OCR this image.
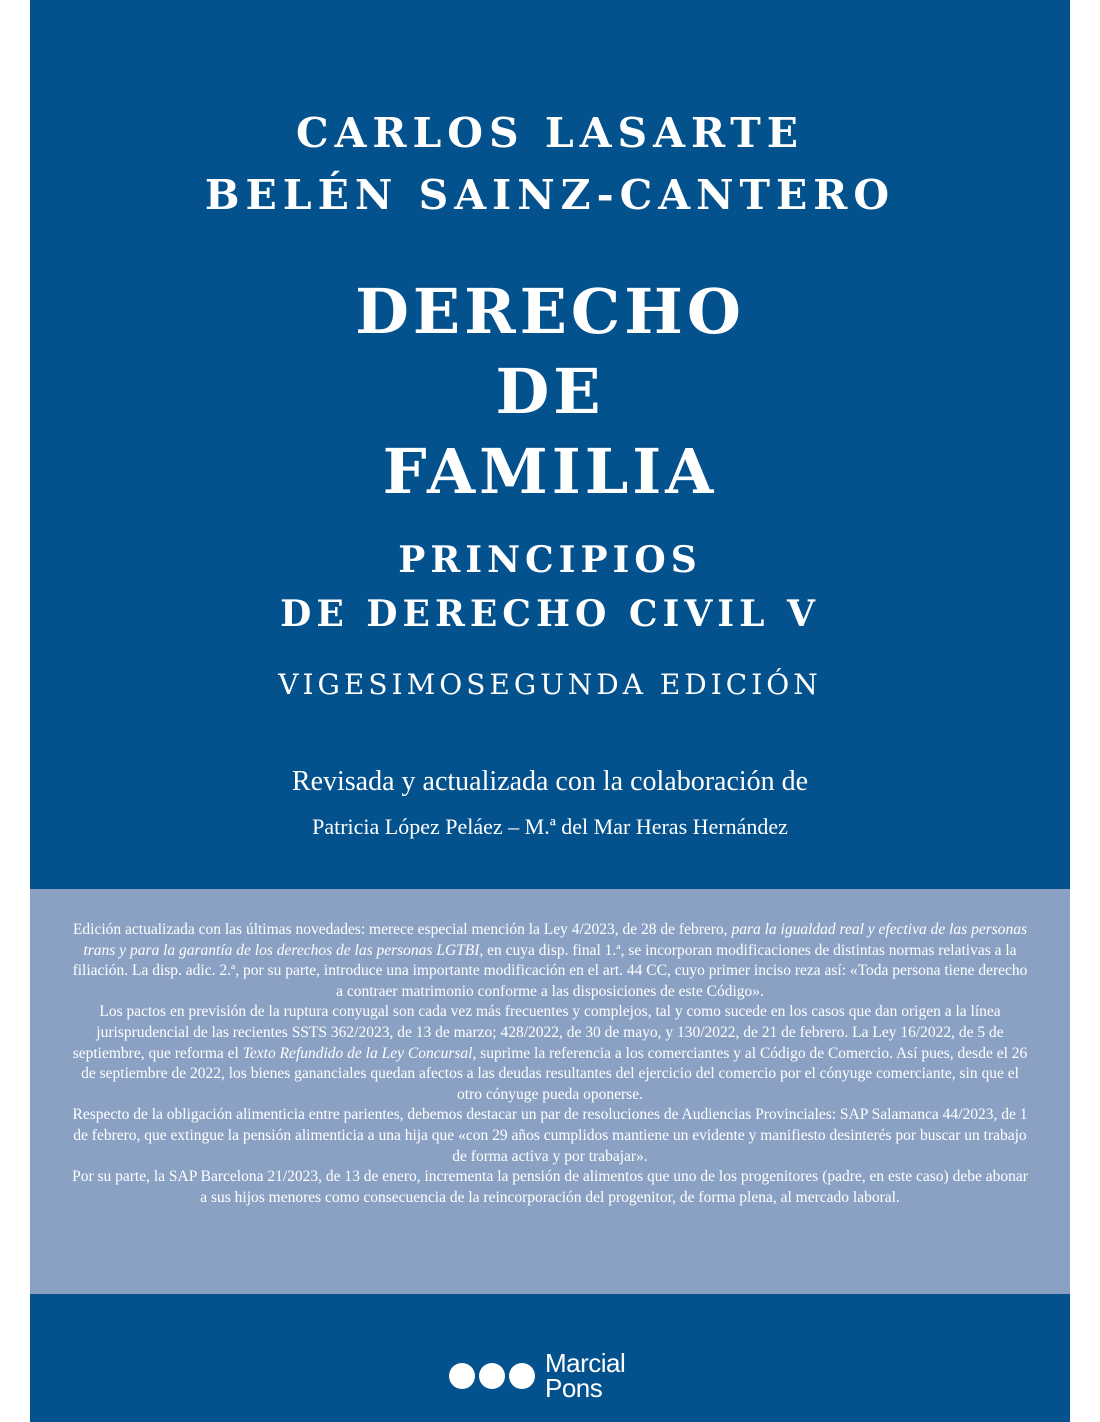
CARLOS LASARTE
BELÉN SAINZ-CANTERO
DERECHO
DE
FAMILIA
PRINCIPIOS
DE DERECHO CIVIL V
VIGESIMOSEGUNDA EDICIÓN
Revisada y actualizada con la colaboración de
Patricia López Peláez – M.ª del Mar Heras Hernández

Edición actualizada con las últimas novedades: merece especial mención la Ley 4/2023, de 28 de febrero, para la igualdad real y efectiva de las personas trans y para la garantía de los derechos de las personas LGTBI, en cuya disp. final 1.ª, se incorporan modificaciones de distintas normas relativas a la filiación. La disp. adic. 2.ª, por su parte, introduce una importante modificación en el art. 44 CC, cuyo primer inciso reza así: «Toda persona tiene derecho a contraer matrimonio conforme a las disposiciones de este Código».

Los pactos en previsión de la ruptura conyugal son cada vez más frecuentes y complejos, tal y como sucede en los casos que dan origen a la línea jurisprudencial de las recientes SSTS 362/2023, de 13 de marzo; 428/2022, de 30 de mayo, y 130/2022, de 21 de febrero. La Ley 16/2022, de 5 de septiembre, que reforma el Texto Refundido de la Ley Concursal, suprime la referencia a los comerciantes y al Código de Comercio. Así pues, desde el 26 de septiembre de 2022, los bienes gananciales quedan afectos a las deudas resultantes del ejercicio del comercio por el cónyuge comerciante, sin que el otro cónyuge pueda oponerse.

Respecto de la obligación alimenticia entre parientes, debemos destacar un par de resoluciones de Audiencias Provinciales: SAP Salamanca 44/2023, de 1 de febrero, que extingue la pensión alimenticia a una hija que «con 29 años cumplidos mantiene un evidente y manifiesto desinterés por buscar un trabajo de forma activa y por trabajar».

Por su parte, la SAP Barcelona 21/2023, de 13 de enero, incrementa la pensión de alimentos que uno de los progenitores (padre, en este caso) debe abonar a sus hijos menores como consecuencia de la reincorporación del progenitor, de forma plena, al mercado laboral.

Marcial
Pons
